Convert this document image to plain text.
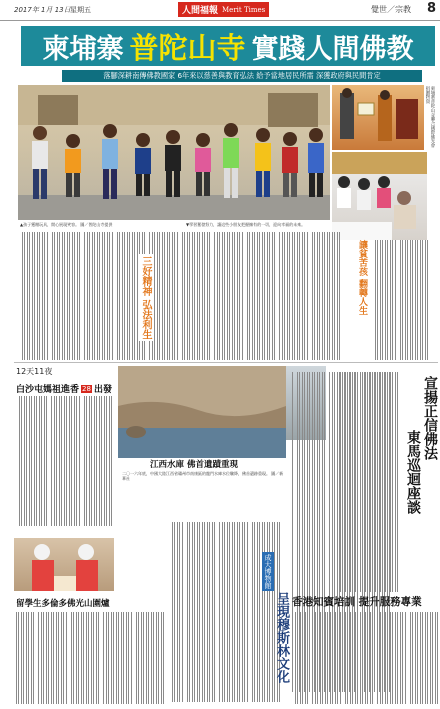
2017年 1月 13日 星期五	人間福報 Merit Times	覺世／宗教 8
柬埔寨 普陀山寺 實踐人間佛教
落腳深耕南傳佛教國家 6年來以慈善與教育弘法 給予當地居民所需 深獲政府與民間肯定
柬埔寨普陀山寺聯合國際佛光會捐贈物資
▲孩子獲贈玩具，開心展現笑容。 圖／普陀山寺提供	▼學習奮發努力，讓這些小朋友把握擁有的一切，迎向幸福的未來。
三好精神 弘法利生	讓貧苦孩 翻轉人生
12天11夜
白沙屯媽祖進香 28 出發
江西水庫 佛首遺蹟重現
二〇一六年底，中國大陸江西省贛州市南康區的龍門水庫水位驟降，佛首遺跡重現。 圖／新華社
留學生多倫多佛光山圍爐
成大博物館
呈現穆斯林文化
宣揚正信佛法
東馬巡迴座談
香港知賓培訓 提升服務專業
